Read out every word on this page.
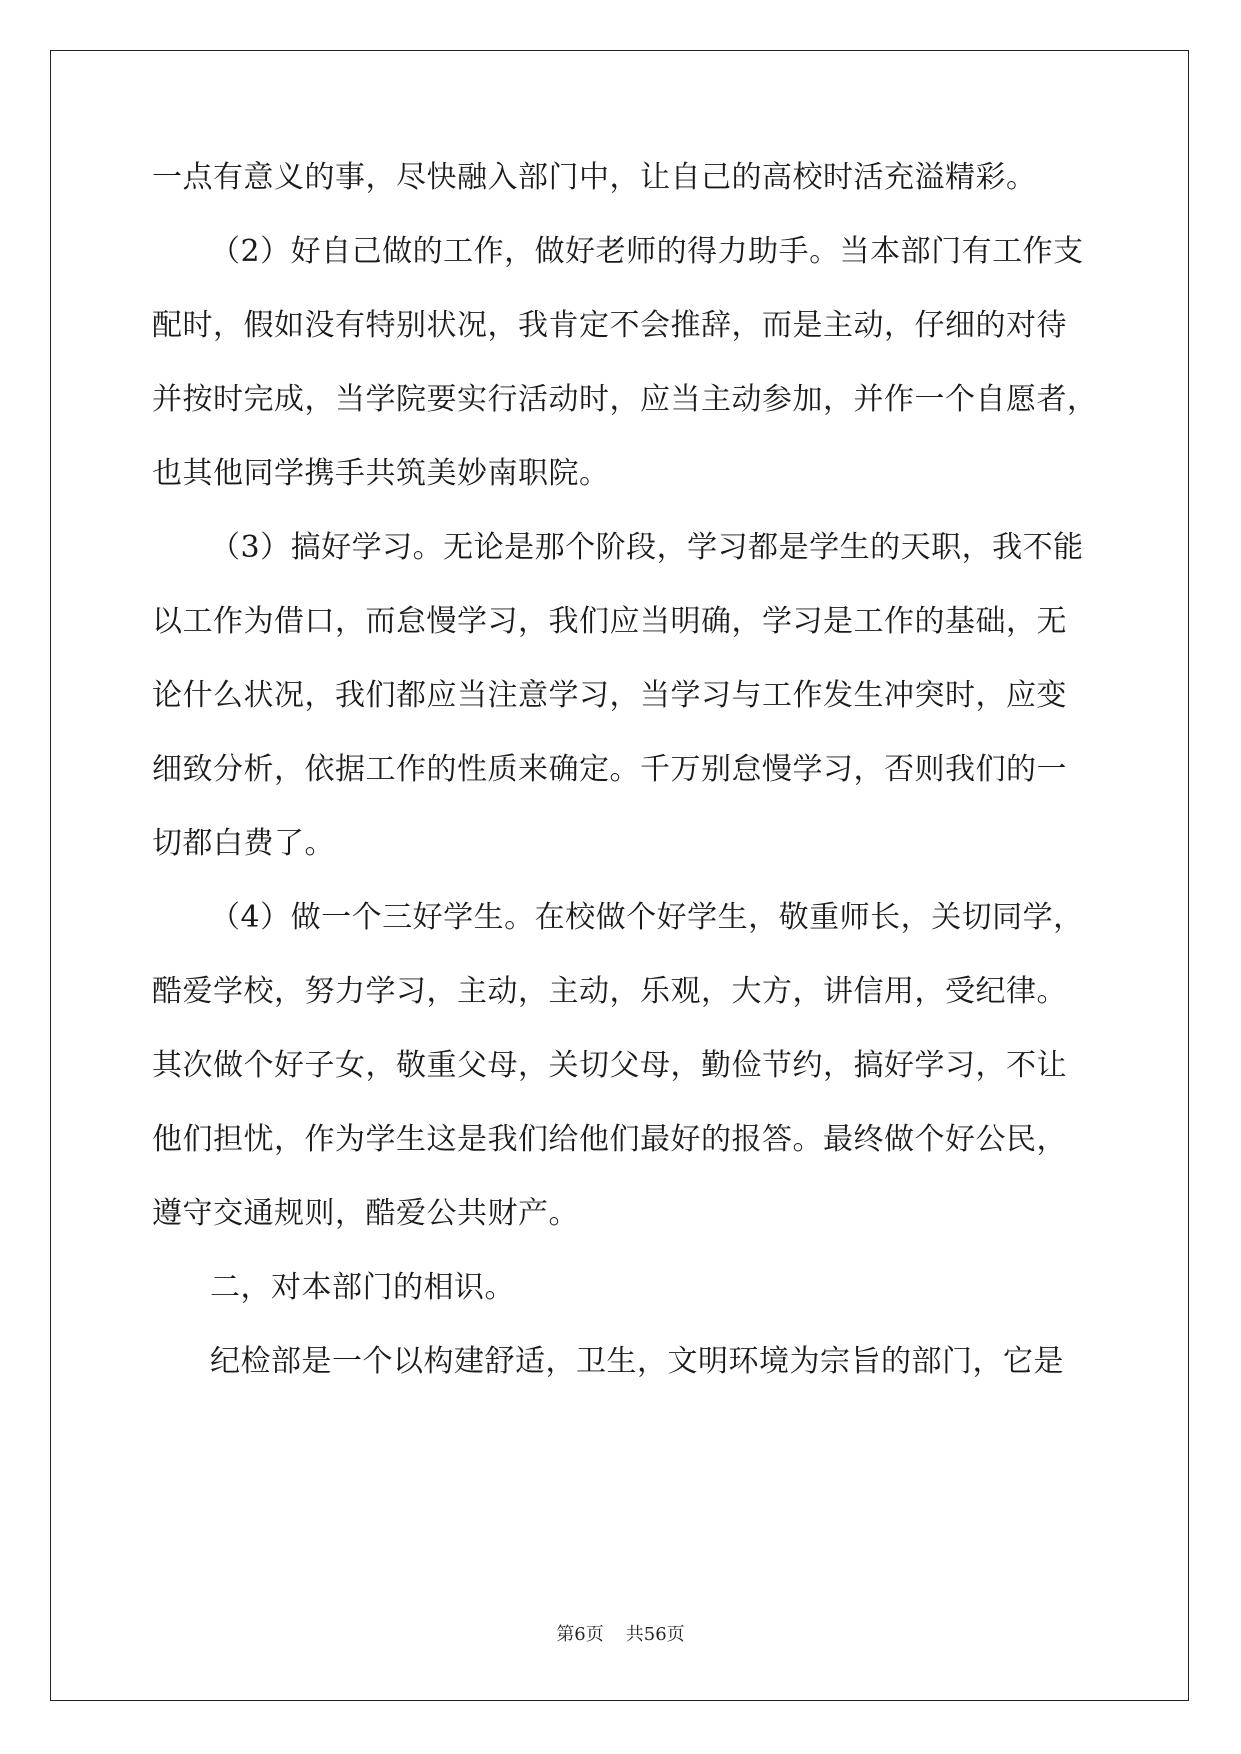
一点有意义的事，尽快融入部门中，让自己的高校时活充溢精彩。
（2）好自己做的工作，做好老师的得力助手。当本部门有工作支
配时，假如没有特别状况，我肯定不会推辞，而是主动，仔细的对待
并按时完成，当学院要实行活动时，应当主动参加，并作一个自愿者，
也其他同学携手共筑美妙南职院。
（3）搞好学习。无论是那个阶段，学习都是学生的天职，我不能
以工作为借口，而怠慢学习，我们应当明确，学习是工作的基础，无
论什么状况，我们都应当注意学习，当学习与工作发生冲突时，应变
细致分析，依据工作的性质来确定。千万别怠慢学习，否则我们的一
切都白费了。
（4）做一个三好学生。在校做个好学生，敬重师长，关切同学，
酷爱学校，努力学习，主动，主动，乐观，大方，讲信用，受纪律。
其次做个好子女，敬重父母，关切父母，勤俭节约，搞好学习，不让
他们担忧，作为学生这是我们给他们最好的报答。最终做个好公民，
遵守交通规则，酷爱公共财产。
二，对本部门的相识。
纪检部是一个以构建舒适，卫生，文明环境为宗旨的部门，它是
第6页 共56页
